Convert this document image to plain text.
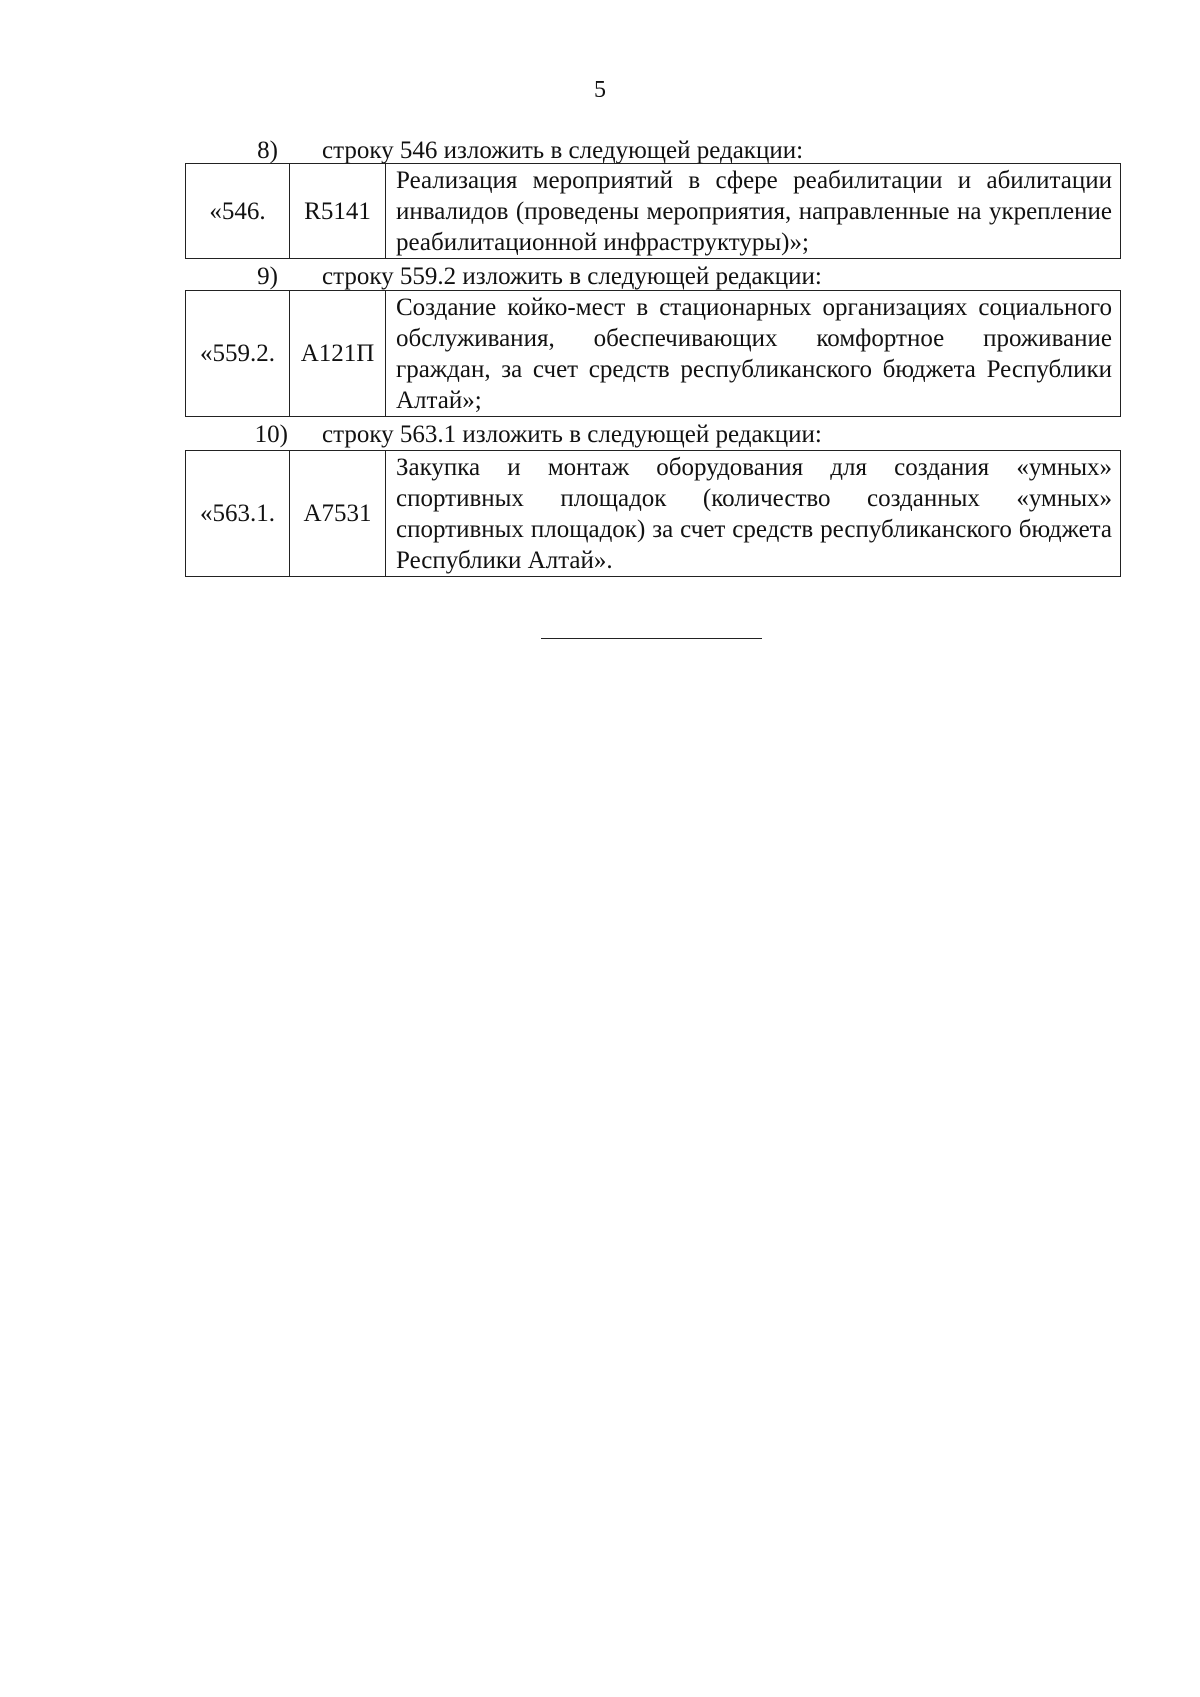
5
8) строку 546 изложить в следующей редакции:
«546.	R5141	Реализация мероприятий в сфере реабилитации и абилитации инвалидов (проведены мероприятия, направленные на укрепление реабилитационной инфраструктуры)»;
9) строку 559.2 изложить в следующей редакции:
«559.2.	А121П	Создание койко-мест в стационарных организациях социального обслуживания, обеспечивающих комфортное проживание граждан, за счет средств республиканского бюджета Республики Алтай»;
10) строку 563.1 изложить в следующей редакции:
«563.1.	А7531	Закупка и монтаж оборудования для создания «умных» спортивных площадок (количество созданных «умных» спортивных площадок) за счет средств республиканского бюджета Республики Алтай».
